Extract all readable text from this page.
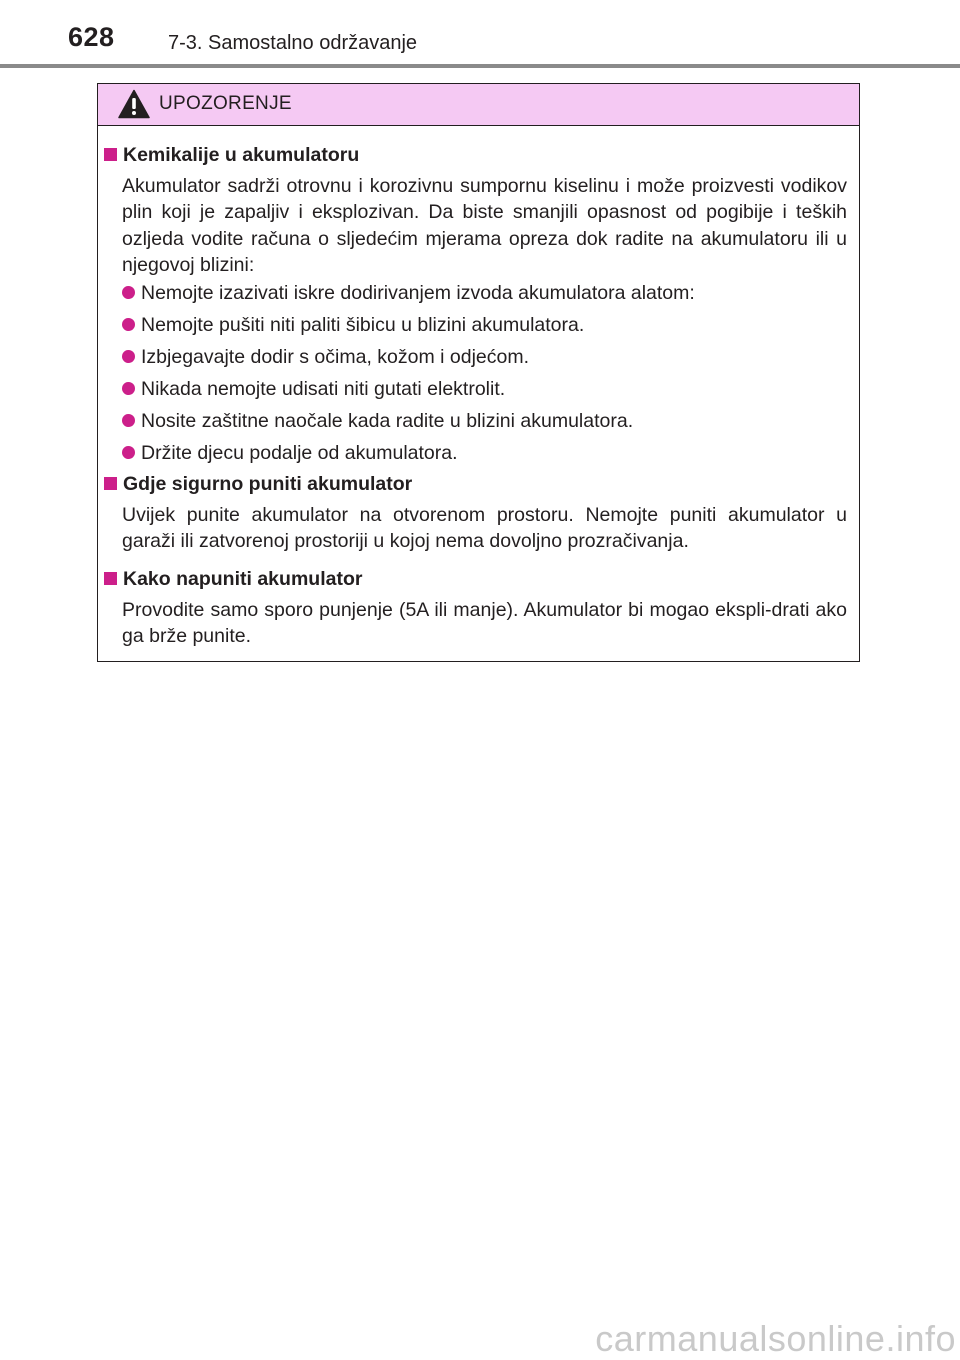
628	7-3. Samostalno održavanje
UPOZORENJE
Kemikalije u akumulatoru
Akumulator sadrži otrovnu i korozivnu sumpornu kiselinu i može proizvesti vodikov plin koji je zapaljiv i eksplozivan. Da biste smanjili opasnost od pogibije i teških ozljeda vodite računa o sljedećim mjerama opreza dok radite na akumulatoru ili u njegovoj blizini:
Nemojte izazivati iskre dodirivanjem izvoda akumulatora alatom:
Nemojte pušiti niti paliti šibicu u blizini akumulatora.
Izbjegavajte dodir s očima, kožom i odjećom.
Nikada nemojte udisati niti gutati elektrolit.
Nosite zaštitne naočale kada radite u blizini akumulatora.
Držite djecu podalje od akumulatora.
Gdje sigurno puniti akumulator
Uvijek punite akumulator na otvorenom prostoru. Nemojte puniti akumulator u garaži ili zatvorenoj prostoriji u kojoj nema dovoljno prozračivanja.
Kako napuniti akumulator
Provodite samo sporo punjenje (5A ili manje). Akumulator bi mogao ekspli-drati ako ga brže punite.
carmanualsonline.info
